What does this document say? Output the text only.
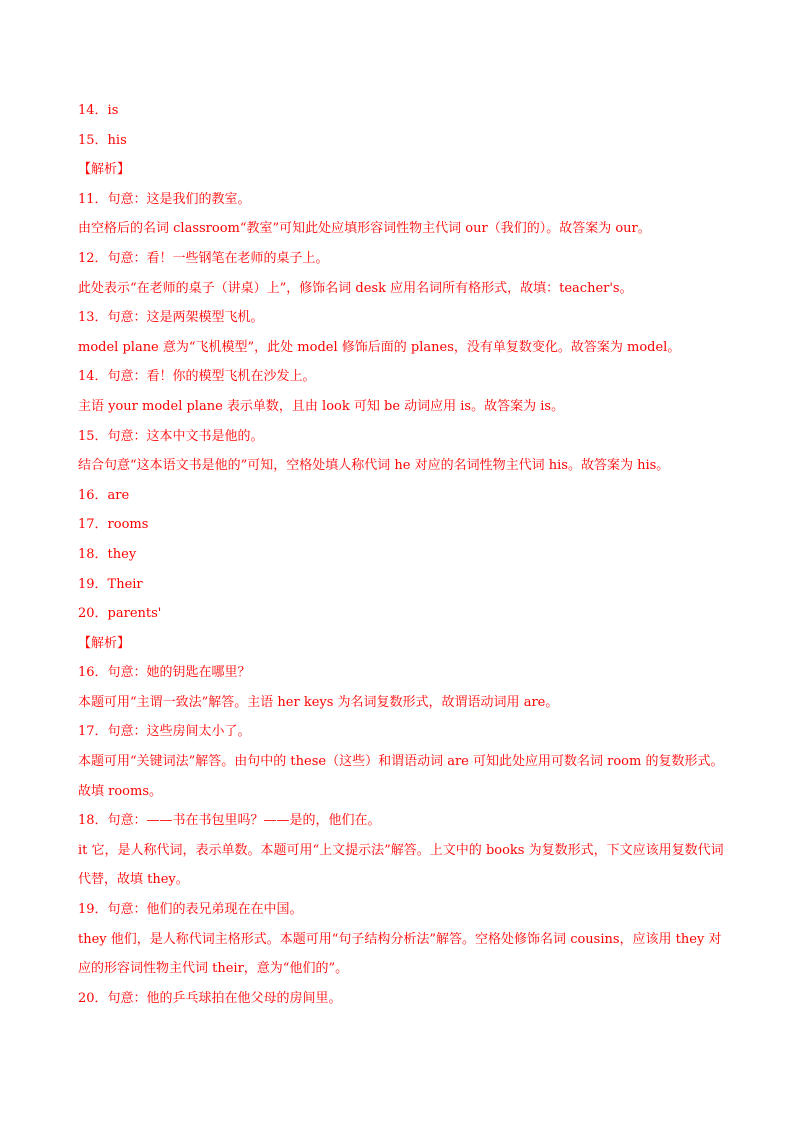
14．is
15．his
【解析】
11．句意：这是我们的教室。
由空格后的名词 classroom“教室”可知此处应填形容词性物主代词 our（我们的）。故答案为 our。
12．句意：看！一些钢笔在老师的桌子上。
此处表示“在老师的桌子（讲桌）上”，修饰名词 desk 应用名词所有格形式，故填：teacher's。
13．句意：这是两架模型飞机。
model plane 意为“飞机模型”，此处 model 修饰后面的 planes，没有单复数变化。故答案为 model。
14．句意：看！你的模型飞机在沙发上。
主语 your model plane 表示单数，且由 look 可知 be 动词应用 is。故答案为 is。
15．句意：这本中文书是他的。
结合句意“这本语文书是他的”可知，空格处填人称代词 he 对应的名词性物主代词 his。故答案为 his。
16．are
17．rooms
18．they
19．Their
20．parents'
【解析】
16．句意：她的钥匙在哪里？
本题可用“主谓一致法”解答。主语 her keys 为名词复数形式，故谓语动词用 are。
17．句意：这些房间太小了。
本题可用“关键词法”解答。由句中的 these（这些）和谓语动词 are 可知此处应用可数名词 room 的复数形式。故填 rooms。
18．句意：——书在书包里吗？——是的，他们在。
it 它，是人称代词，表示单数。本题可用“上文提示法”解答。上文中的 books 为复数形式，下文应该用复数代词代替，故填 they。
19．句意：他们的表兄弟现在在中国。
they 他们，是人称代词主格形式。本题可用“句子结构分析法”解答。空格处修饰名词 cousins，应该用 they 对应的形容词性物主代词 their，意为“他们的”。
20．句意：他的乒乓球拍在他父母的房间里。
